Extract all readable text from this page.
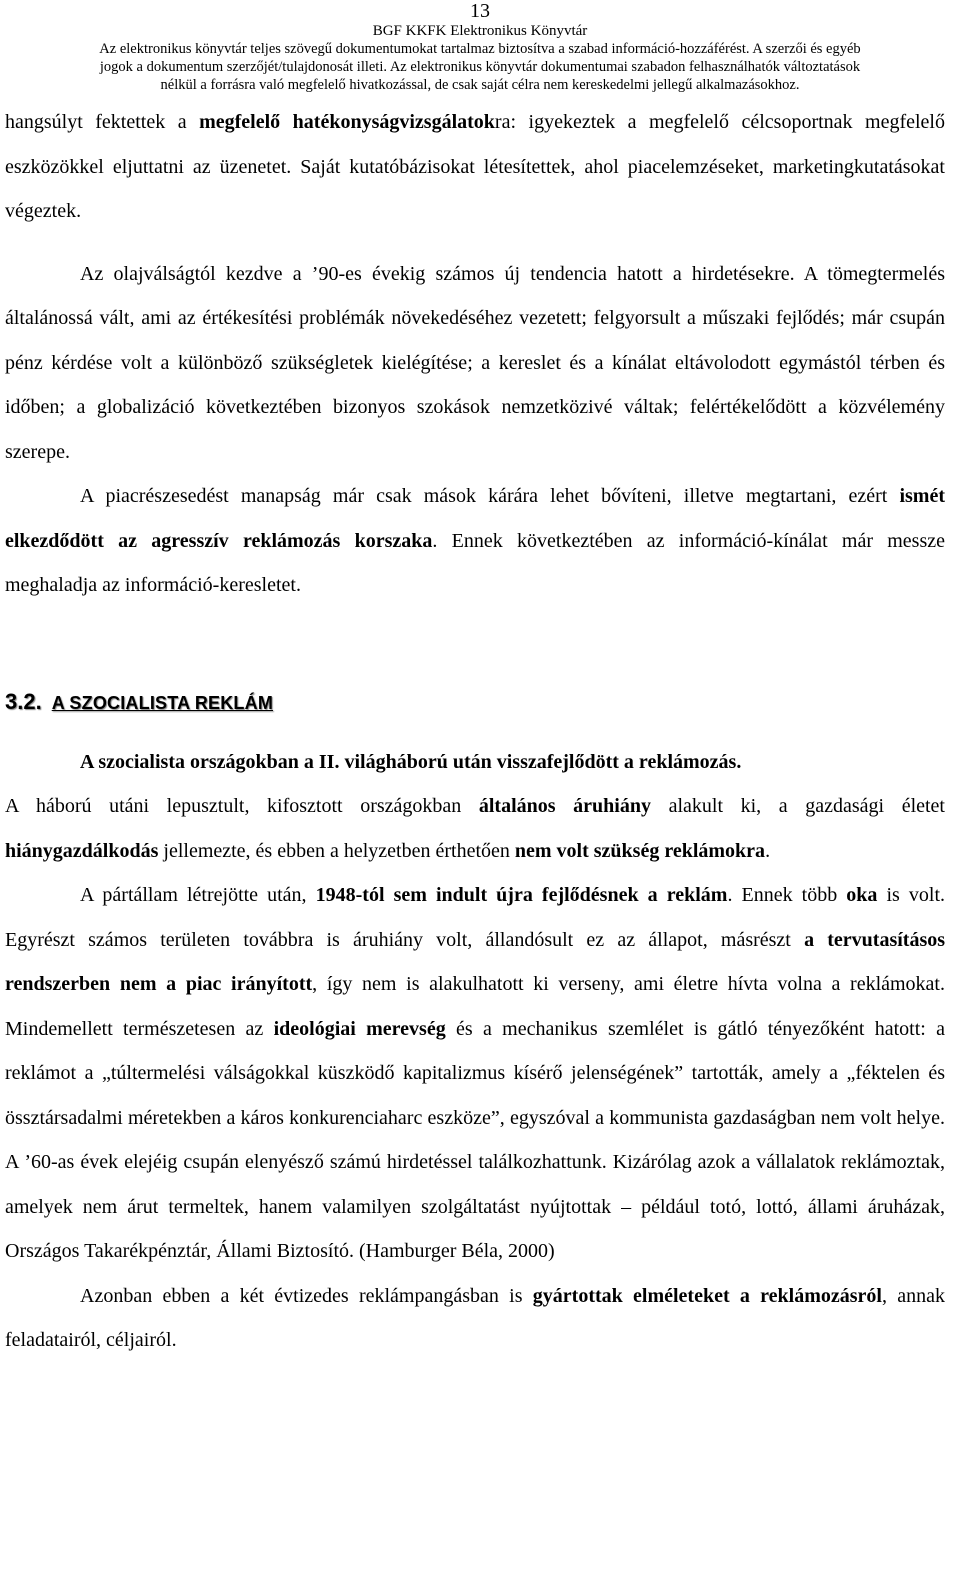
13
BGF KKFK Elektronikus Könyvtár
Az elektronikus könyvtár teljes szövegű dokumentumokat tartalmaz biztosítva a szabad információ-hozzáférést. A szerzői és egyéb
jogok a dokumentum szerzőjét/tulajdonosát illeti. Az elektronikus könyvtár dokumentumai szabadon felhasználhatók változtatások
nélkül a forrásra való megfelelő hivatkozással, de csak saját célra nem kereskedelmi jellegű alkalmazásokhoz.

hangsúlyt fektettek a megfelelő hatékonyságvizsgálatokra: igyekeztek a megfelelő célcsoportnak megfelelő eszközökkel eljuttatni az üzenetet. Saját kutatóbázisokat létesítettek, ahol piacelemzéseket, marketingkutatásokat végeztek.

Az olajválságtól kezdve a ’90-es évekig számos új tendencia hatott a hirdetésekre. A tömegtermelés általánossá vált, ami az értékesítési problémák növekedéséhez vezetett; felgyorsult a műszaki fejlődés; már csupán pénz kérdése volt a különböző szükségletek kielégítése; a kereslet és a kínálat eltávolodott egymástól térben és időben; a globalizáció következtében bizonyos szokások nemzetközivé váltak; felértékelődött a közvélemény szerepe.

A piacrészesedést manapság már csak mások kárára lehet bővíteni, illetve megtartani, ezért ismét elkezdődött az agresszív reklámozás korszaka. Ennek következtében az információ-kínálat már messze meghaladja az információ-keresletet.

3.2. A SZOCIALISTA REKLÁM

A szocialista országokban a II. világháború után visszafejlődött a reklámozás.

A háború utáni lepusztult, kifosztott országokban általános áruhiány alakult ki, a gazdasági életet hiánygazdálkodás jellemezte, és ebben a helyzetben érthetően nem volt szükség reklámokra.

A pártállam létrejötte után, 1948-tól sem indult újra fejlődésnek a reklám. Ennek több oka is volt. Egyrészt számos területen továbbra is áruhiány volt, állandósult ez az állapot, másrészt a tervutasításos rendszerben nem a piac irányított, így nem is alakulhatott ki verseny, ami életre hívta volna a reklámokat. Mindemellett természetesen az ideológiai merevség és a mechanikus szemlélet is gátló tényezőként hatott: a reklámot a „túltermelési válságokkal küszködő kapitalizmus kísérő jelenségének” tartották, amely a „féktelen és össztársadalmi méretekben a káros konkurenciaharc eszköze”, egyszóval a kommunista gazdaságban nem volt helye. A ’60-as évek elejéig csupán elenyésző számú hirdetéssel találkozhattunk. Kizárólag azok a vállalatok reklámoztak, amelyek nem árut termeltek, hanem valamilyen szolgáltatást nyújtottak – például totó, lottó, állami áruházak, Országos Takarékpénztár, Állami Biztosító. (Hamburger Béla, 2000)

Azonban ebben a két évtizedes reklámpangásban is gyártottak elméleteket a reklámozásról, annak feladatairól, céljairól.
